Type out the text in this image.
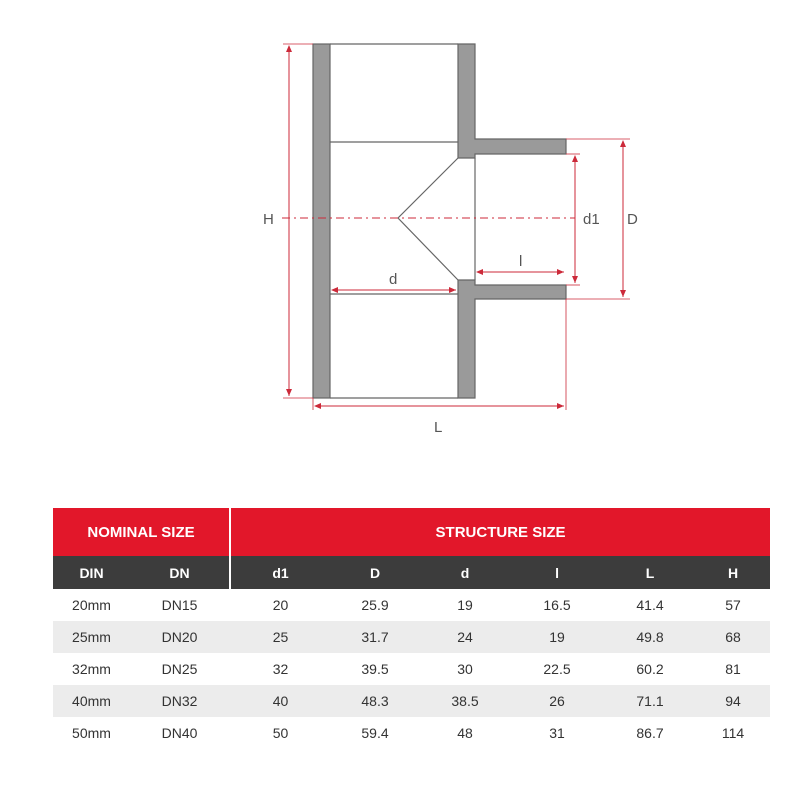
H
L
D
d1
d
l
NOMINAL SIZE		STRUCTURE SIZE					
DIN	DN	d1	D	d	l	L	H
20mm	DN15	20	25.9	19	16.5	41.4	57
25mm	DN20	25	31.7	24	19	49.8	68
32mm	DN25	32	39.5	30	22.5	60.2	81
40mm	DN32	40	48.3	38.5	26	71.1	94
50mm	DN40	50	59.4	48	31	86.7	114
